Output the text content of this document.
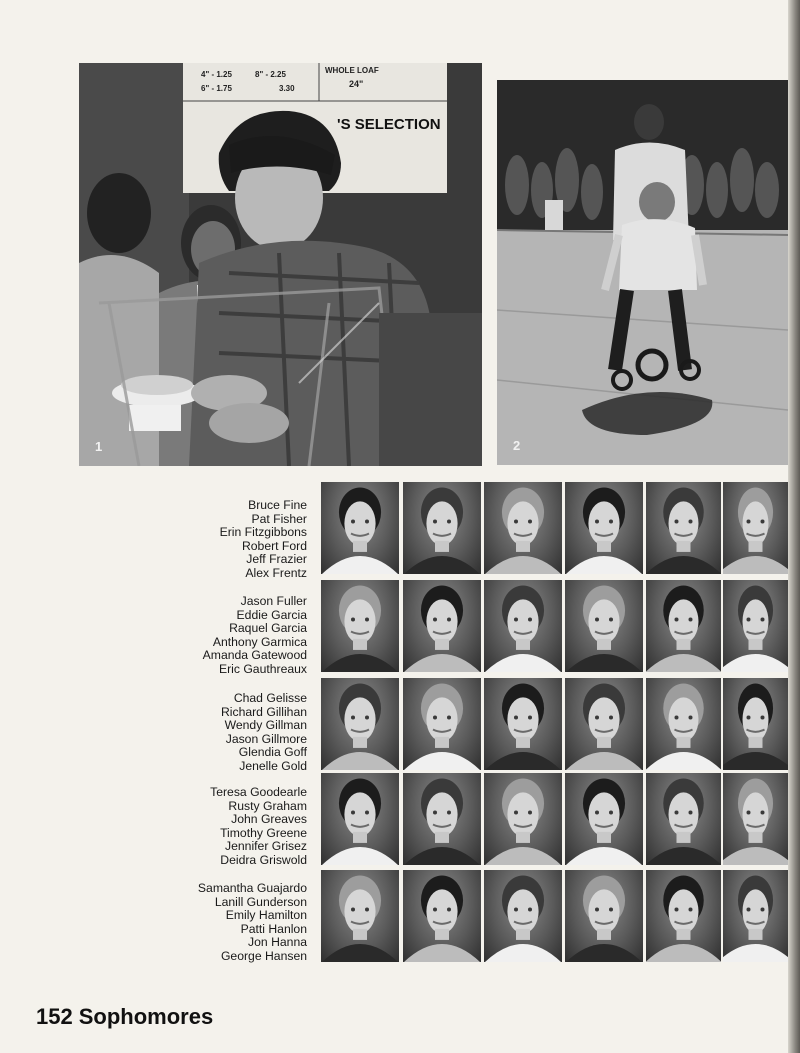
4" - 1.25	8" - 2.25
6" - 1.75	3.30
WHOLE LOAF
24"
'S SELECTION
1	2
Bruce Fine
Pat Fisher
Erin Fitzgibbons
Robert Ford
Jeff Frazier
Alex Frentz
Jason Fuller
Eddie Garcia
Raquel Garcia
Anthony Garmica
Amanda Gatewood
Eric Gauthreaux
Chad Gelisse
Richard Gillihan
Wendy Gillman
Jason Gillmore
Glendia Goff
Jenelle Gold
Teresa Goodearle
Rusty Graham
John Greaves
Timothy Greene
Jennifer Grisez
Deidra Griswold
Samantha Guajardo
Lanill Gunderson
Emily Hamilton
Patti Hanlon
Jon Hanna
George Hansen
152 Sophomores
